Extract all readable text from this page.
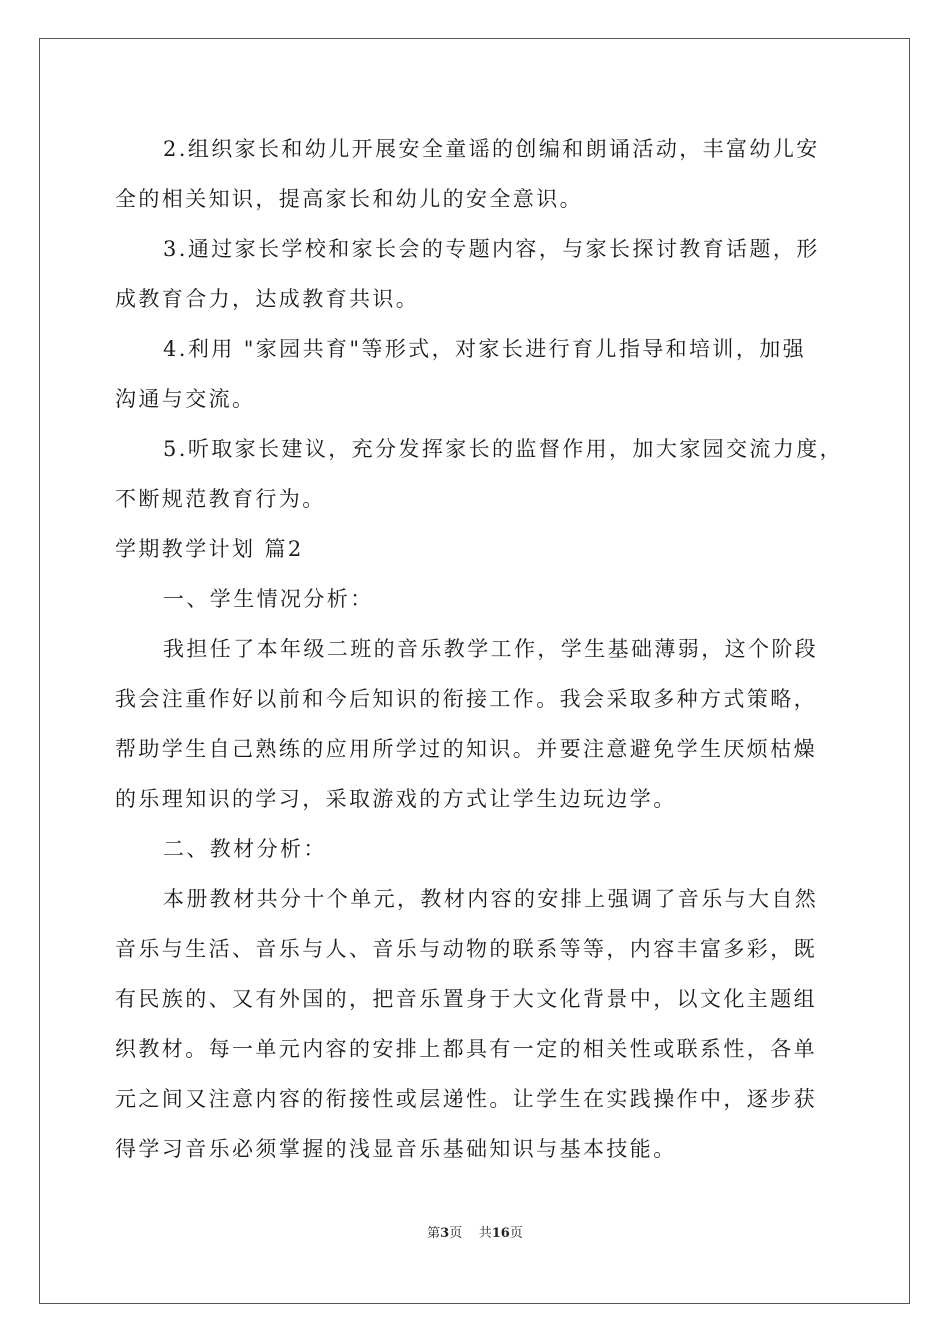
2.组织家长和幼儿开展安全童谣的创编和朗诵活动，丰富幼儿安
全的相关知识，提高家长和幼儿的安全意识。
3.通过家长学校和家长会的专题内容，与家长探讨教育话题，形
成教育合力，达成教育共识。
4.利用 "家园共育"等形式，对家长进行育儿指导和培训，加强
沟通与交流。
5.听取家长建议，充分发挥家长的监督作用，加大家园交流力度，
不断规范教育行为。
学期教学计划 篇2
一、学生情况分析：
我担任了本年级二班的音乐教学工作，学生基础薄弱，这个阶段
我会注重作好以前和今后知识的衔接工作。我会采取多种方式策略，
帮助学生自己熟练的应用所学过的知识。并要注意避免学生厌烦枯燥
的乐理知识的学习，采取游戏的方式让学生边玩边学。
二、教材分析：
本册教材共分十个单元，教材内容的安排上强调了音乐与大自然
音乐与生活、音乐与人、音乐与动物的联系等等，内容丰富多彩，既
有民族的、又有外国的，把音乐置身于大文化背景中，以文化主题组
织教材。每一单元内容的安排上都具有一定的相关性或联系性，各单
元之间又注意内容的衔接性或层递性。让学生在实践操作中，逐步获
得学习音乐必须掌握的浅显音乐基础知识与基本技能。
第3页 共16页
